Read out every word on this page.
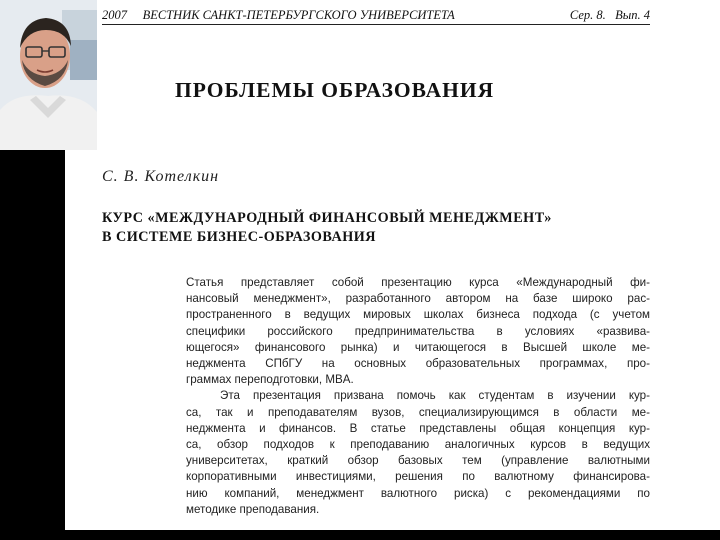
2007 ВЕСТНИК САНКТ-ПЕТЕРБУРГСКОГО УНИВЕРСИТЕТА	Сер. 8. Вып. 4
ПРОБЛЕМЫ ОБРАЗОВАНИЯ
С. В. Котелкин
КУРС «МЕЖДУНАРОДНЫЙ ФИНАНСОВЫЙ МЕНЕДЖМЕНТ»
В СИСТЕМЕ БИЗНЕС-ОБРАЗОВАНИЯ
Статья представляет собой презентацию курса «Международный фи-
нансовый менеджмент», разработанного автором на базе широко рас-
пространенного в ведущих мировых школах бизнеса подхода (с учетом
специфики российского предпринимательства в условиях «развива-
ющегося» финансового рынка) и читающегося в Высшей школе ме-
неджмента СПбГУ на основных образовательных программах, про-
граммах переподготовки, MBA.
Эта презентация призвана помочь как студентам в изучении кур-
са, так и преподавателям вузов, специализирующимся в области ме-
неджмента и финансов. В статье представлены общая концепция кур-
са, обзор подходов к преподаванию аналогичных курсов в ведущих
университетах, краткий обзор базовых тем (управление валютными
корпоративными инвестициями, решения по валютному финансирова-
нию компаний, менеджмент валютного риска) с рекомендациями по
методике преподавания.
